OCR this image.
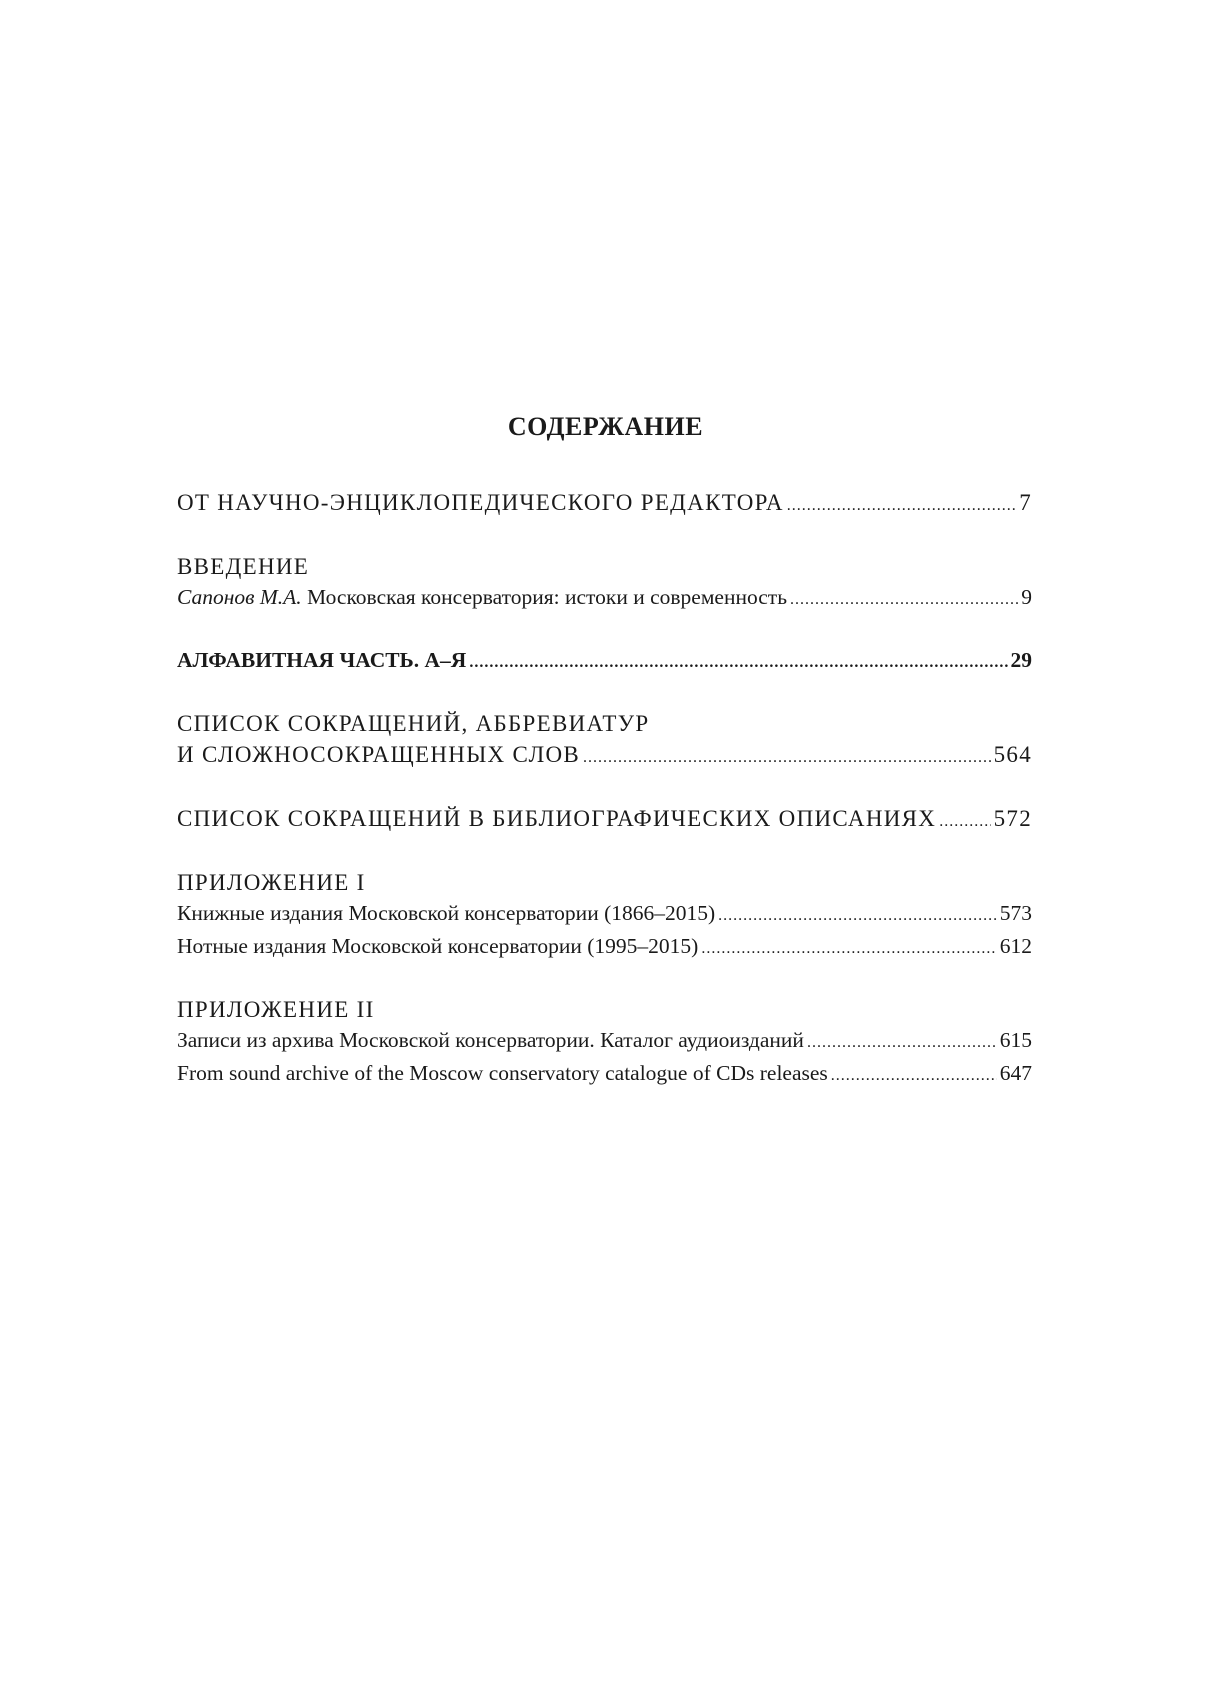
СОДЕРЖАНИЕ
ОТ НАУЧНО-ЭНЦИКЛОПЕДИЧЕСКОГО РЕДАКТОРА .....	7
ВВЕДЕНИЕ
Сапонов М.А. Московская консерватория: истоки и современность .....	9
АЛФАВИТНАЯ ЧАСТЬ. А–Я .....	29
СПИСОК СОКРАЩЕНИЙ, АББРЕВИАТУР
И СЛОЖНОСОКРАЩЕННЫХ СЛОВ .....	564
СПИСОК СОКРАЩЕНИЙ В БИБЛИОГРАФИЧЕСКИХ ОПИСАНИЯХ ..... 572
ПРИЛОЖЕНИЕ I
Книжные издания Московской консерватории (1866–2015) .....	573
Нотные издания Московской консерватории (1995–2015) .....	612
ПРИЛОЖЕНИЕ II
Записи из архива Московской консерватории. Каталог аудиоизданий .....	615
From sound archive of the Moscow conservatory catalogue of CDs releases .....	647
